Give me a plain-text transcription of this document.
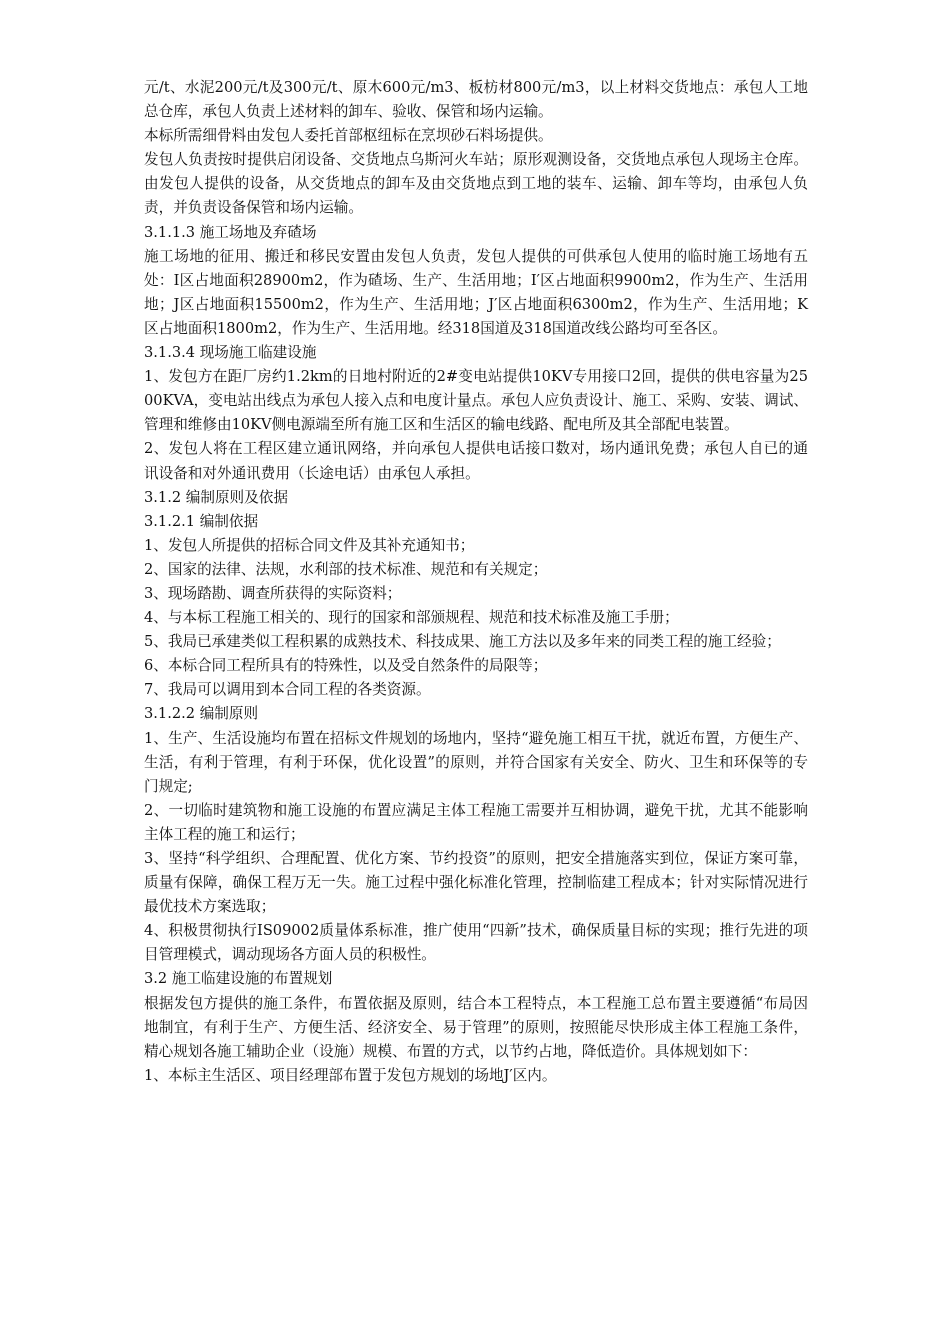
元/t、水泥200元/t及300元/t、原木600元/m3、板枋材800元/m3，以上材料交货地点：承包人工地总仓库，承包人负责上述材料的卸车、验收、保管和场内运输。

本标所需细骨料由发包人委托首部枢纽标在烹坝砂石料场提供。

发包人负责按时提供启闭设备、交货地点乌斯河火车站；原形观测设备，交货地点承包人现场主仓库。由发包人提供的设备，从交货地点的卸车及由交货地点到工地的装车、运输、卸车等均，由承包人负责，并负责设备保管和场内运输。

3.1.1.3 施工场地及弃碴场

施工场地的征用、搬迁和移民安置由发包人负责，发包人提供的可供承包人使用的临时施工场地有五处：I区占地面积28900m2，作为碴场、生产、生活用地；I′区占地面积9900m2，作为生产、生活用地；J区占地面积15500m2，作为生产、生活用地；J′区占地面积6300m2，作为生产、生活用地；K区占地面积1800m2，作为生产、生活用地。经318国道及318国道改线公路均可至各区。

3.1.3.4 现场施工临建设施

1、发包方在距厂房约1.2km的日地村附近的2#变电站提供10KV专用接口2回，提供的供电容量为2500KVA，变电站出线点为承包人接入点和电度计量点。承包人应负责设计、施工、采购、安装、调试、管理和维修由10KV侧电源端至所有施工区和生活区的输电线路、配电所及其全部配电装置。

2、发包人将在工程区建立通讯网络，并向承包人提供电话接口数对，场内通讯免费；承包人自已的通讯设备和对外通讯费用（长途电话）由承包人承担。

3.1.2 编制原则及依据

3.1.2.1 编制依据

1、发包人所提供的招标合同文件及其补充通知书；

2、国家的法律、法规，水利部的技术标准、规范和有关规定；

3、现场踏勘、调查所获得的实际资料；

4、与本标工程施工相关的、现行的国家和部颁规程、规范和技术标准及施工手册；

5、我局已承建类似工程积累的成熟技术、科技成果、施工方法以及多年来的同类工程的施工经验；

6、本标合同工程所具有的特殊性，以及受自然条件的局限等；

7、我局可以调用到本合同工程的各类资源。

3.1.2.2 编制原则

1、生产、生活设施均布置在招标文件规划的场地内，坚持“避免施工相互干扰，就近布置，方便生产、生活，有利于管理，有利于环保，优化设置”的原则，并符合国家有关安全、防火、卫生和环保等的专门规定;

2、一切临时建筑物和施工设施的布置应满足主体工程施工需要并互相协调，避免干扰，尤其不能影响主体工程的施工和运行；

3、坚持“科学组织、合理配置、优化方案、节约投资”的原则，把安全措施落实到位，保证方案可靠，质量有保障，确保工程万无一失。施工过程中强化标准化管理，控制临建工程成本；针对实际情况进行最优技术方案选取；

4、积极贯彻执行IS09002质量体系标准，推广使用“四新”技术，确保质量目标的实现；推行先进的项目管理模式，调动现场各方面人员的积极性。

3.2 施工临建设施的布置规划

根据发包方提供的施工条件，布置依据及原则，结合本工程特点，本工程施工总布置主要遵循“布局因地制宜，有利于生产、方便生活、经济安全、易于管理”的原则，按照能尽快形成主体工程施工条件，精心规划各施工辅助企业（设施）规模、布置的方式，以节约占地，降低造价。具体规划如下：

1、本标主生活区、项目经理部布置于发包方规划的场地J′区内。
